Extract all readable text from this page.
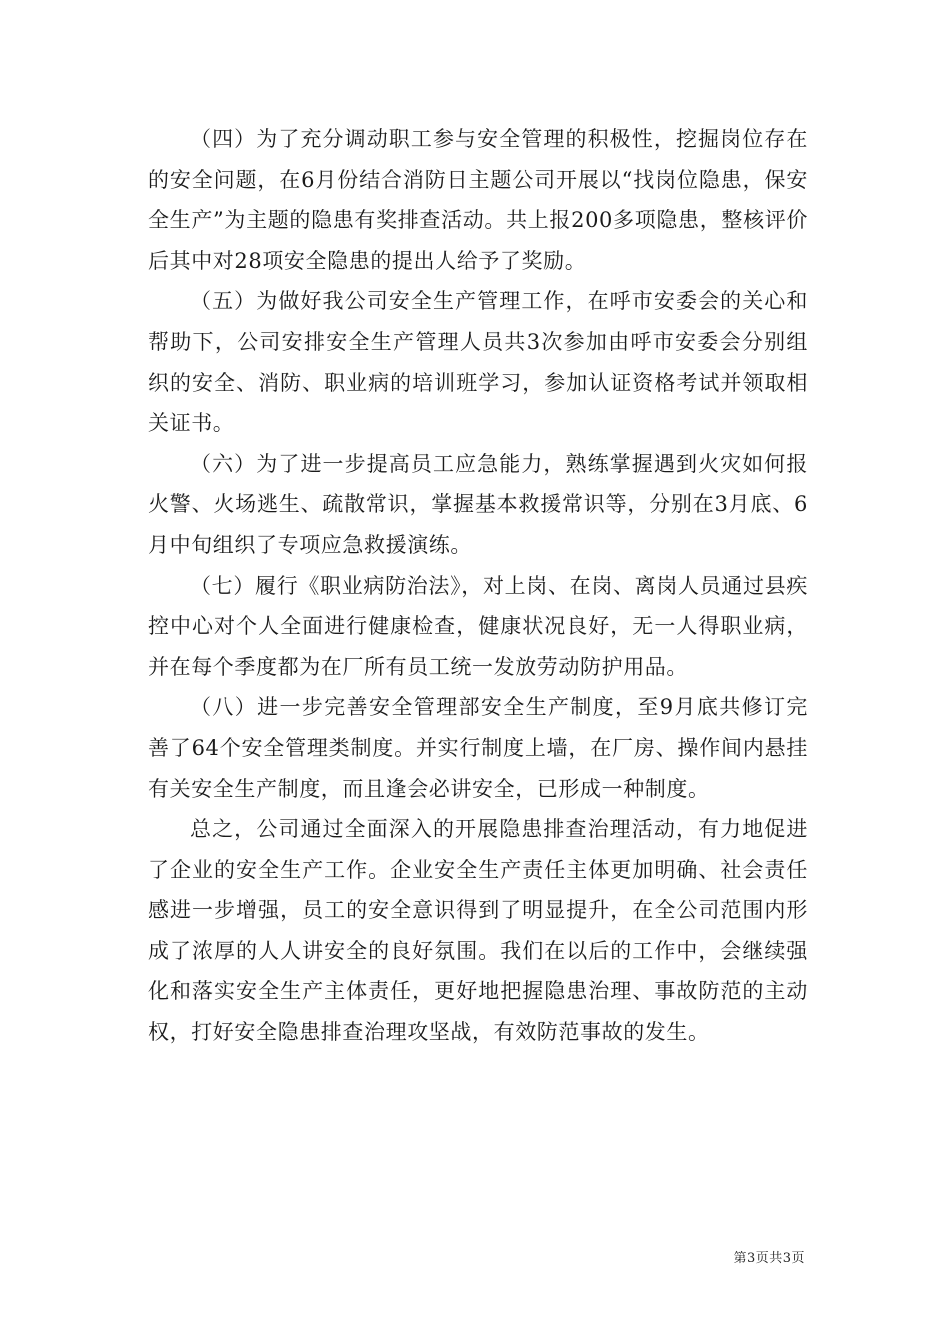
（四）为了充分调动职工参与安全管理的积极性，挖掘岗位存在的安全问题，在6月份结合消防日主题公司开展以“找岗位隐患，保安全生产”为主题的隐患有奖排查活动。共上报200多项隐患，整核评价后其中对28项安全隐患的提出人给予了奖励。

（五）为做好我公司安全生产管理工作，在呼市安委会的关心和帮助下，公司安排安全生产管理人员共3次参加由呼市安委会分别组织的安全、消防、职业病的培训班学习，参加认证资格考试并领取相关证书。

（六）为了进一步提高员工应急能力，熟练掌握遇到火灾如何报火警、火场逃生、疏散常识，掌握基本救援常识等，分别在3月底、6月中旬组织了专项应急救援演练。

（七）履行《职业病防治法》，对上岗、在岗、离岗人员通过县疾控中心对个人全面进行健康检查，健康状况良好，无一人得职业病，并在每个季度都为在厂所有员工统一发放劳动防护用品。

（八）进一步完善安全管理部安全生产制度，至9月底共修订完善了64个安全管理类制度。并实行制度上墙，在厂房、操作间内悬挂有关安全生产制度，而且逢会必讲安全，已形成一种制度。

总之，公司通过全面深入的开展隐患排查治理活动，有力地促进了企业的安全生产工作。企业安全生产责任主体更加明确、社会责任感进一步增强，员工的安全意识得到了明显提升，在全公司范围内形成了浓厚的人人讲安全的良好氛围。我们在以后的工作中，会继续强化和落实安全生产主体责任，更好地把握隐患治理、事故防范的主动权，打好安全隐患排查治理攻坚战，有效防范事故的发生。

第3页共3页
